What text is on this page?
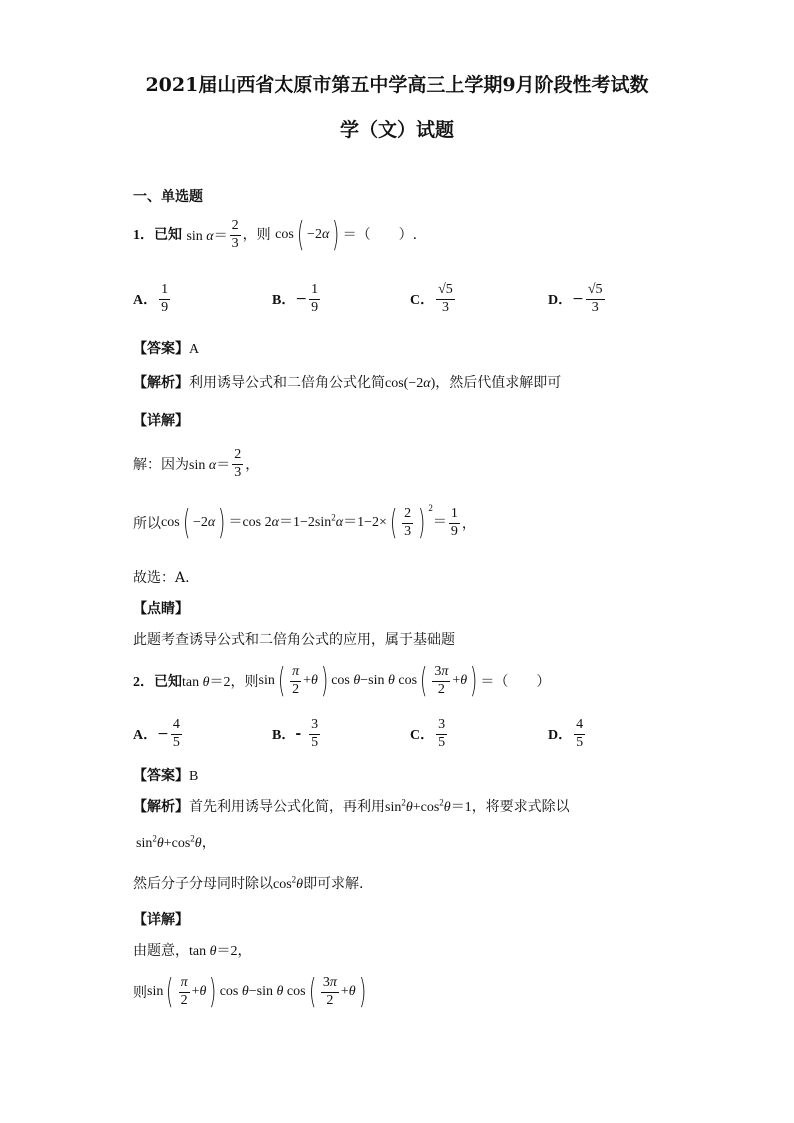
2021届山西省太原市第五中学高三上学期9月阶段性考试数
学（文）试题
一、单选题
1．已知 $\sin \alpha= \frac{2}{3}$ ，则 cos( −2α) ＝（　　）.
A． $\frac{1}{9}$	B．− $\frac{1}{9}$	C． $\frac{√5}{3}$	D．− $\frac{√5}{3}$
【答案】A
【解析】利用诱导公式和二倍角公式化简cos(−2α)，然后代值求解即可
【详解】
解：因为$\sin \alpha= \frac{2}{3}$ ，
所以cos( −2α) ＝cos $2\alpha=1-2\sin^2\alpha=1-2\times( \frac{2}{3}$ ) $^2= \frac{1}{9}$ ，
故选：A.
【点睛】
此题考查诱导公式和二倍角公式的应用，属于基础题
2．已知tan θ＝2，则$\sin( \frac{\pi}{2} +\theta)$ cos θ−sin θ $\cos( \frac{3\pi}{2} +\theta)$ ＝（　　）
A．− $\frac{4}{5}$	B．- $\frac{3}{5}$	C． $\frac{3}{5}$	D． $\frac{4}{5}$
【答案】B
【解析】首先利用诱导公式化简，再利用$\sin^2\theta+\cos^2\theta=1$，将要求式除以
$\sin^2\theta+\cos^2\theta$，
然后分子分母同时除以$\cos^2\theta$即可求解.
【详解】
由题意，tan θ＝2，
则$\sin( \frac{\pi}{2} +\theta)$ cos θ−sin θ $\cos( \frac{3\pi}{2} +\theta)$
